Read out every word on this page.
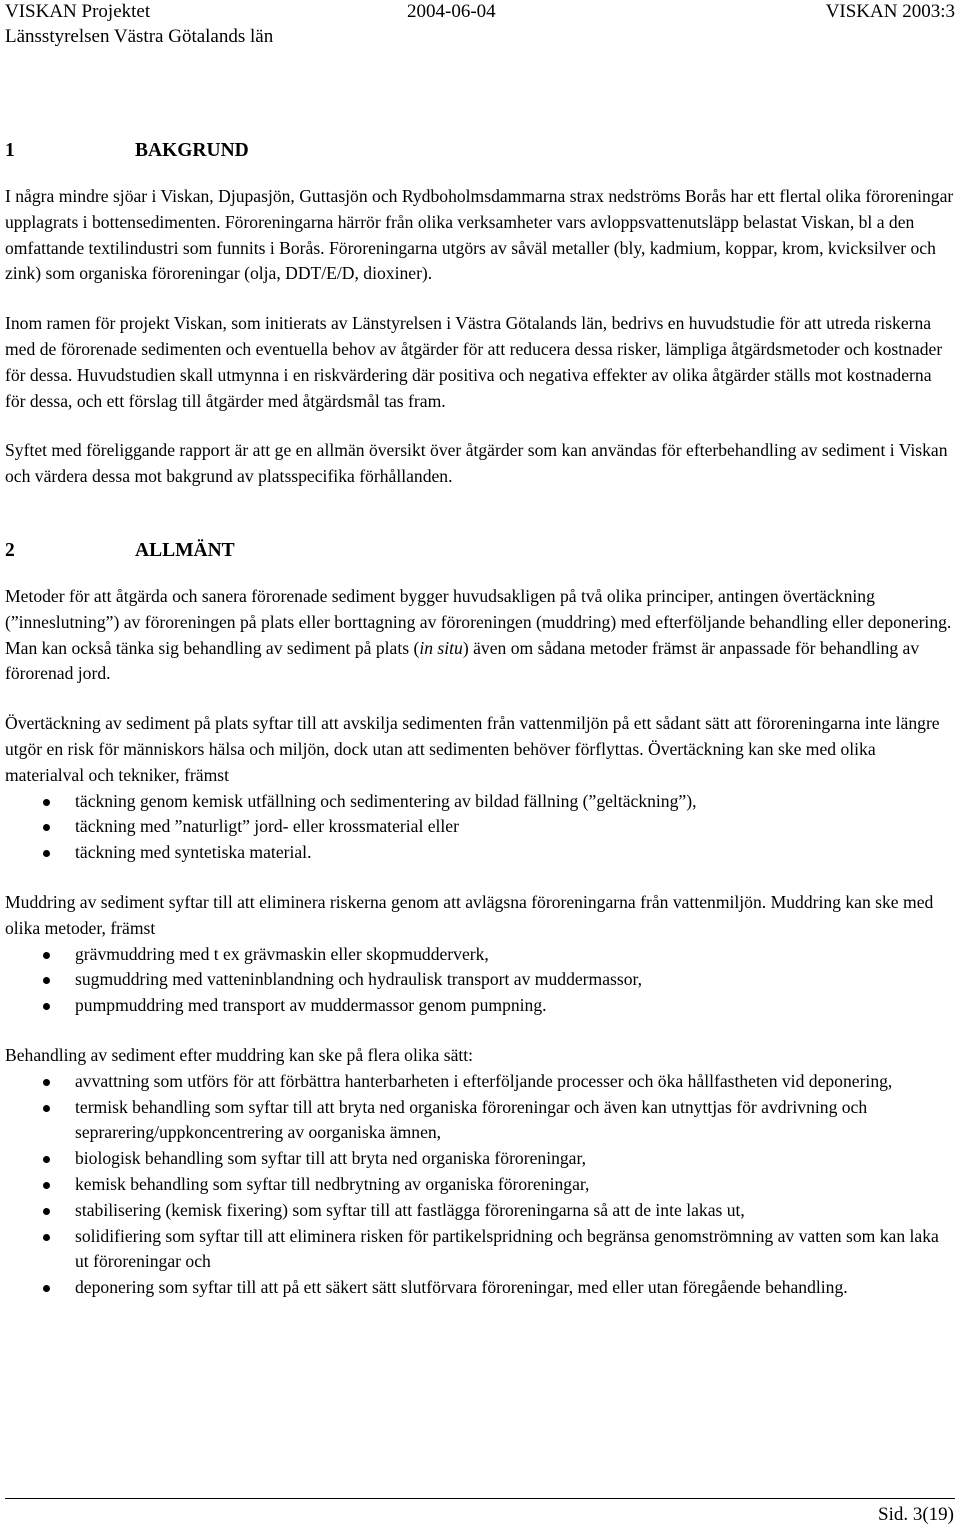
VISKAN Projektet	2004-06-04	VISKAN 2003:3
Länsstyrelsen Västra Götalands län
1	BAKGRUND

I några mindre sjöar i Viskan, Djupasjön, Guttasjön och Rydboholmsdammarna strax nedströms Borås har ett flertal olika föroreningar upplagrats i bottensedimenten. Föroreningarna härrör från olika verksamheter vars avloppsvattenutsläpp belastat Viskan, bl a den omfattande textilindustri som funnits i Borås. Föroreningarna utgörs av såväl metaller (bly, kadmium, koppar, krom, kvicksilver och zink) som organiska föroreningar (olja, DDT/E/D, dioxiner).

Inom ramen för projekt Viskan, som initierats av Länstyrelsen i Västra Götalands län, bedrivs en huvudstudie för att utreda riskerna med de förorenade sedimenten och eventuella behov av åtgärder för att reducera dessa risker, lämpliga åtgärdsmetoder och kostnader för dessa. Huvudstudien skall utmynna i en riskvärdering där positiva och negativa effekter av olika åtgärder ställs mot kostnaderna för dessa, och ett förslag till åtgärder med åtgärdsmål tas fram.

Syftet med föreliggande rapport är att ge en allmän översikt över åtgärder som kan användas för efterbehandling av sediment i Viskan och värdera dessa mot bakgrund av platsspecifika förhållanden.

2	ALLMÄNT

Metoder för att åtgärda och sanera förorenade sediment bygger huvudsakligen på två olika principer, antingen övertäckning (”inneslutning”) av föroreningen på plats eller borttagning av föroreningen (muddring) med efterföljande behandling eller deponering. Man kan också tänka sig behandling av sediment på plats (in situ) även om sådana metoder främst är anpassade för behandling av förorenad jord.

Övertäckning av sediment på plats syftar till att avskilja sedimenten från vattenmiljön på ett sådant sätt att föroreningarna inte längre utgör en risk för människors hälsa och miljön, dock utan att sedimenten behöver förflyttas. Övertäckning kan ske med olika materialval och tekniker, främst

täckning genom kemisk utfällning och sedimentering av bildad fällning (”geltäckning”),
täckning med ”naturligt” jord- eller krossmaterial eller
täckning med syntetiska material.

Muddring av sediment syftar till att eliminera riskerna genom att avlägsna föroreningarna från vattenmiljön. Muddring kan ske med olika metoder, främst

grävmuddring med t ex grävmaskin eller skopmudderverk,
sugmuddring med vatteninblandning och hydraulisk transport av muddermassor,
pumpmuddring med transport av muddermassor genom pumpning.

Behandling av sediment efter muddring kan ske på flera olika sätt:

avvattning som utförs för att förbättra hanterbarheten i efterföljande processer och öka hållfastheten vid deponering,
termisk behandling som syftar till att bryta ned organiska föroreningar och även kan utnyttjas för avdrivning och seprarering/uppkoncentrering av oorganiska ämnen,
biologisk behandling som syftar till att bryta ned organiska föroreningar,
kemisk behandling som syftar till nedbrytning av organiska föroreningar,
stabilisering (kemisk fixering) som syftar till att fastlägga föroreningarna så att de inte lakas ut,
solidifiering som syftar till att eliminera risken för partikelspridning och begränsa genomströmning av vatten som kan laka ut föroreningar och
deponering som syftar till att på ett säkert sätt slutförvara föroreningar, med eller utan föregående behandling.
Sid. 3(19)
